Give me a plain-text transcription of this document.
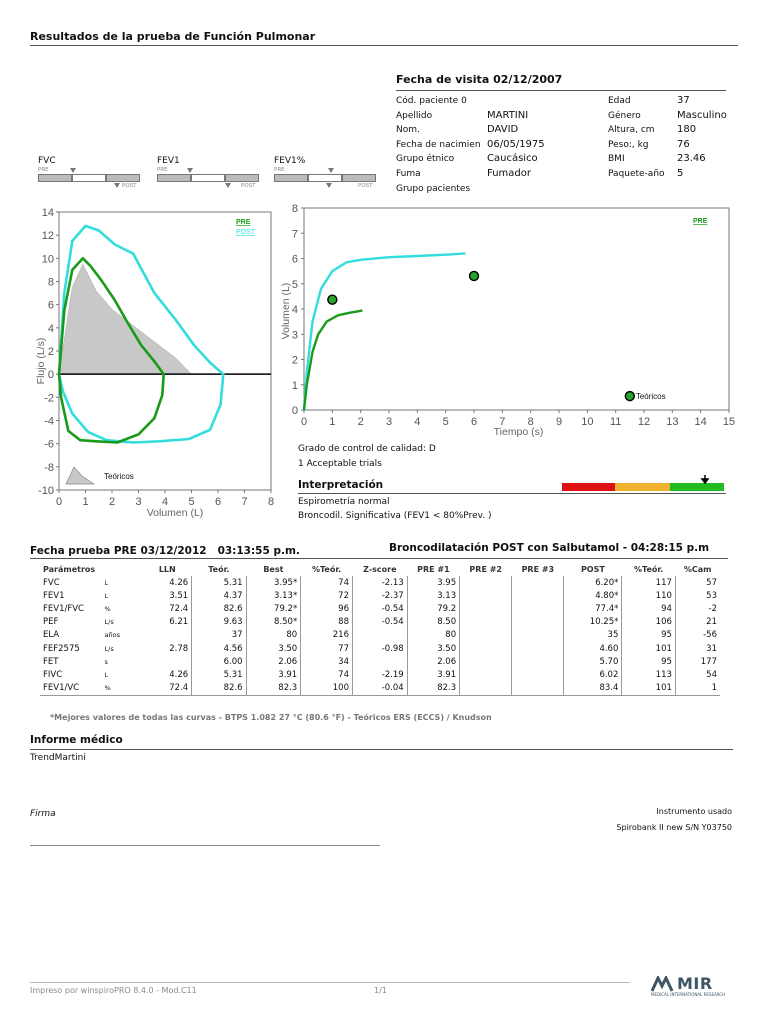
Resultados de la prueba de Función Pulmonar
Fecha de visita 02/12/2007
Cód. paciente 0
Apellido	MARTINI
Nom.	DAVID
Fecha de nacimien 06/05/1975
Grupo étnico	Caucásico
Fuma	Fumador
Grupo pacientes
Edad	37
Género	Masculino
Altura, cm 180
Peso:, kg	76
BMI	23.46
Paquete-año 5
FVC
PRE
POST
FEV1
PRE
POST
FEV1%
PRE
POST
14
12
10
8
6
4
2
0
-2
-4
-6
-8
-10
0 1 2 3 4 5 6 7 8
Volumen (L)
Flujo (L/s)
PRE
POST
Teóricos
8
7
6
5
4
3
2
1
0
0 1 2 3 4 5 6 7 8 9 10 11 12 13 14 15
Tiempo (s)
Volumen (L)
Teóricos
PRE
Grado de control de calidad: D
1 Acceptable trials
Interpretación
Espirometría normal
Broncodil. Significativa (FEV1 < 80%Prev. )
Fecha prueba PRE 03/12/2012 03:13:55 p.m.	Broncodilatación POST con Salbutamol - 04:28:15 p.m
Parámetros		LLN	Teór.	Best	%Teór.	Z-score	PRE #1	PRE #2	PRE #3	POST	%Teór.	%Cam
FVC	L	4.26	5.31	3.95*	74	-2.13	3.95			6.20*	117	57
FEV1	L	3.51	4.37	3.13*	72	-2.37	3.13			4.80*	110	53
FEV1/FVC	%	72.4	82.6	79.2*	96	-0.54	79.2			77.4*	94	-2
PEF	L/s	6.21	9.63	8.50*	88	-0.54	8.50			10.25*	106	21
ELA	años		37	80	216		80			35	95	-56
FEF2575	L/s	2.78	4.56	3.50	77	-0.98	3.50			4.60	101	31
FET	s		6.00	2.06	34		2.06			5.70	95	177
FIVC	L	4.26	5.31	3.91	74	-2.19	3.91			6.02	113	54
FEV1/VC	%	72.4	82.6	82.3	100	-0.04	82.3			83.4	101	1
*Mejores valores de todas las curvas - BTPS 1.082 27 °C (80.6 °F) - Teóricos ERS (ECCS) / Knudson
Informe médico
TrendMartini
Firma	Instrumento usado
Spirobank II new S/N Y03750
Impreso por winspiroPRO 8.4.0 - Mod.C11	1/1	MIR
MEDICAL INTERNATIONAL RESEARCH
